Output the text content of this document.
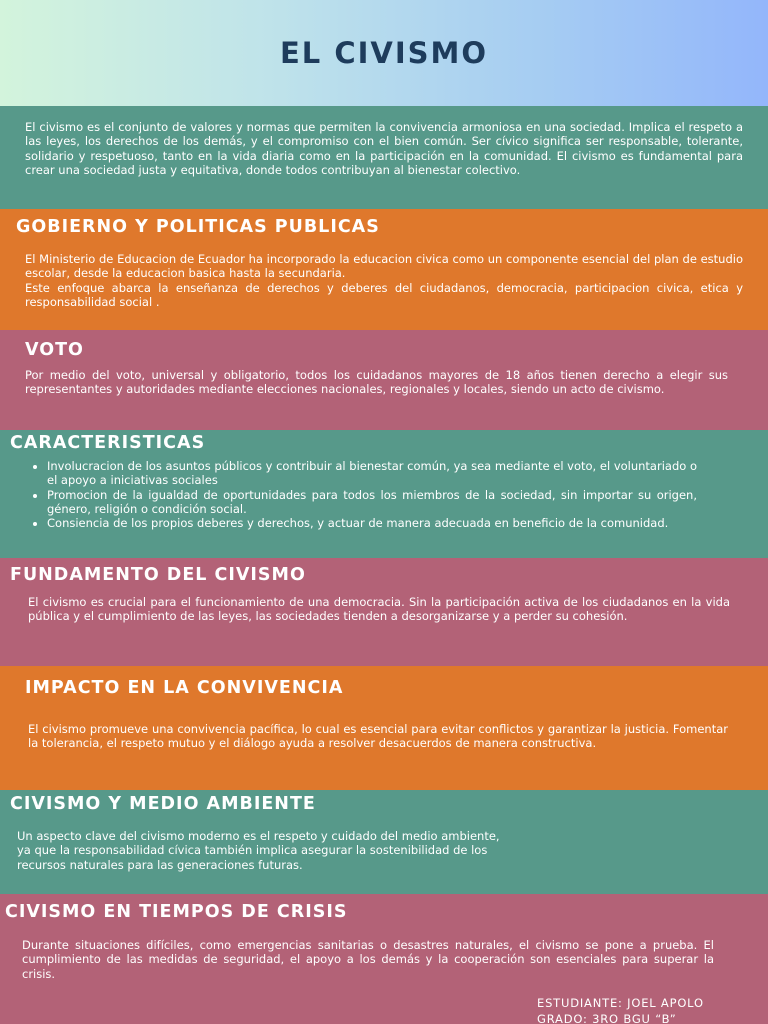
EL CIVISMO
El civismo es el conjunto de valores y normas que permiten la convivencia armoniosa en una sociedad. Implica el respeto a las leyes, los derechos de los demás, y el compromiso con el bien común. Ser cívico significa ser responsable, tolerante, solidario y respetuoso, tanto en la vida diaria como en la participación en la comunidad. El civismo es fundamental para crear una sociedad justa y equitativa, donde todos contribuyan al bienestar colectivo.
GOBIERNO Y POLITICAS PUBLICAS
El Ministerio de Educacion de Ecuador ha incorporado la educacion civica como un componente esencial del plan de estudio escolar, desde la educacion basica hasta la secundaria.
Este enfoque abarca la enseñanza de derechos y deberes del ciudadanos, democracia, participacion civica, etica y responsabilidad social .
VOTO
Por medio del voto, universal y obligatorio, todos los cuidadanos mayores de 18 años tienen derecho a elegir sus representantes y autoridades mediante elecciones nacionales, regionales y locales, siendo un acto de civismo.
CARACTERISTICAS
• Involucracion de los asuntos públicos y contribuir al bienestar común, ya sea mediante el voto, el voluntariado o el apoyo a iniciativas sociales
• Promocion de la igualdad de oportunidades para todos los miembros de la sociedad, sin importar su origen, género, religión o condición social.
• Consiencia de los propios deberes y derechos, y actuar de manera adecuada en beneficio de la comunidad.
FUNDAMENTO DEL CIVISMO
El civismo es crucial para el funcionamiento de una democracia. Sin la participación activa de los ciudadanos en la vida pública y el cumplimiento de las leyes, las sociedades tienden a desorganizarse y a perder su cohesión.
IMPACTO EN LA CONVIVENCIA
El civismo promueve una convivencia pacífica, lo cual es esencial para evitar conflictos y garantizar la justicia. Fomentar la tolerancia, el respeto mutuo y el diálogo ayuda a resolver desacuerdos de manera constructiva.
CIVISMO Y MEDIO AMBIENTE
Un aspecto clave del civismo moderno es el respeto y cuidado del medio ambiente,
ya que la responsabilidad cívica también implica asegurar la sostenibilidad de los
recursos naturales para las generaciones futuras.
CIVISMO EN TIEMPOS DE CRISIS
Durante situaciones difíciles, como emergencias sanitarias o desastres naturales, el civismo se pone a prueba. El cumplimiento de las medidas de seguridad, el apoyo a los demás y la cooperación son esenciales para superar la crisis.
ESTUDIANTE: JOEL APOLO
GRADO: 3RO BGU “B”
